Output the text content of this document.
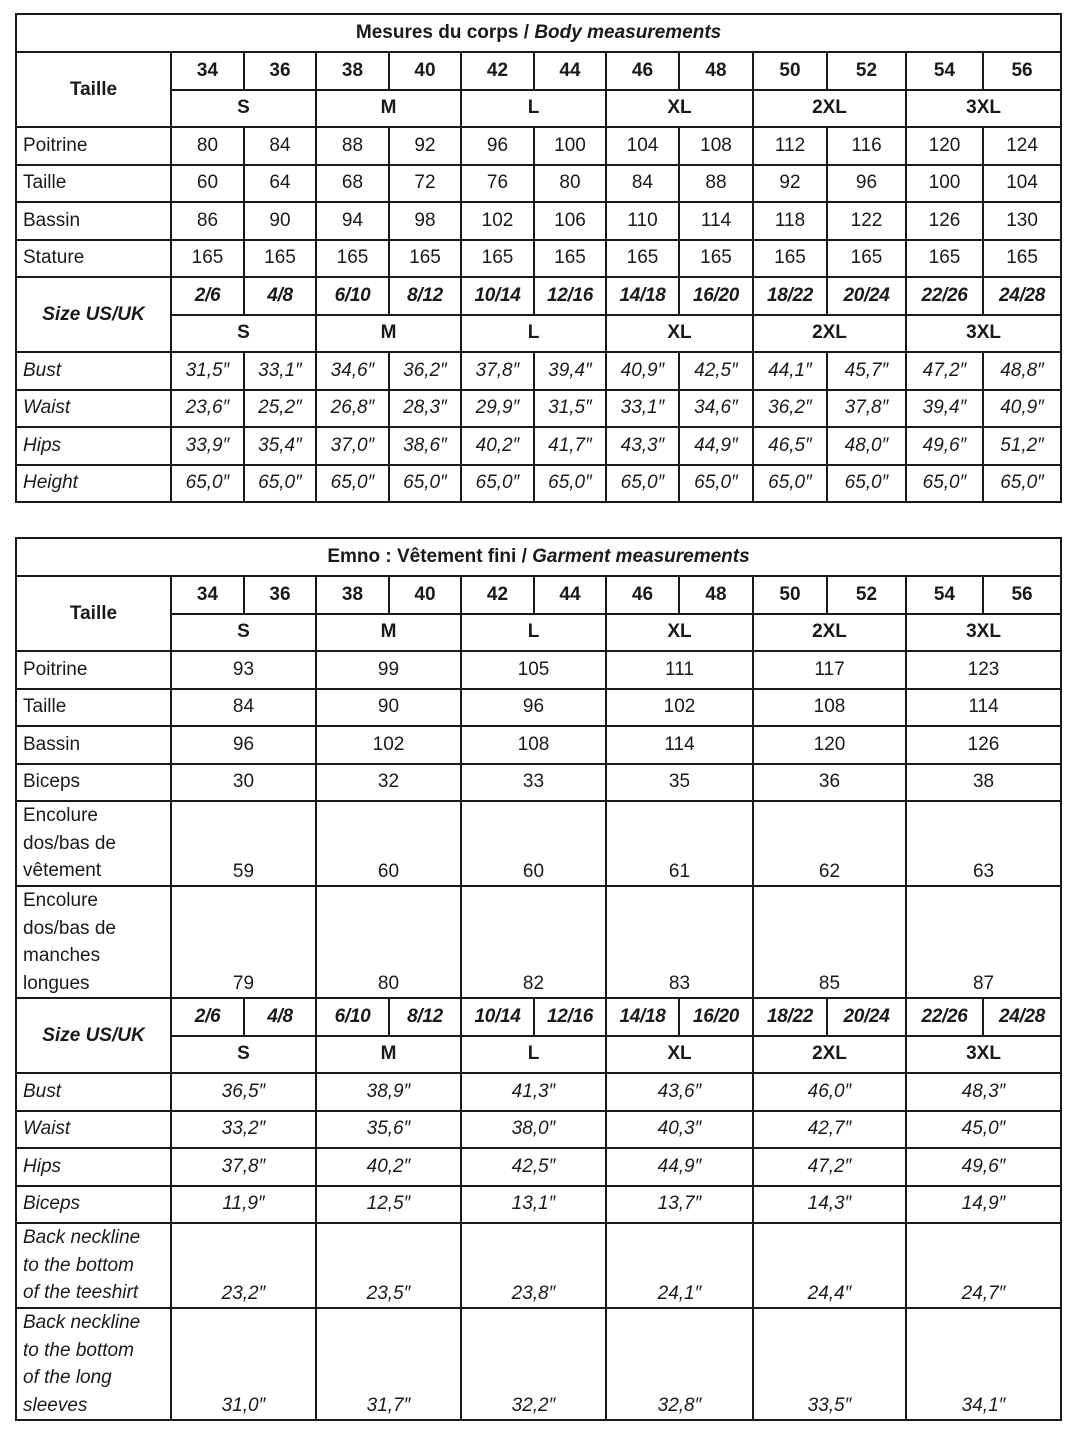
Mesures du corps / Body measurements												
Taille	34	36	38	40	42	44	46	48	50	52	54	56
	S		M		L		XL		2XL		3XL	
Poitrine	80	84	88	92	96	100	104	108	112	116	120	124
Taille	60	64	68	72	76	80	84	88	92	96	100	104
Bassin	86	90	94	98	102	106	110	114	118	122	126	130
Stature	165	165	165	165	165	165	165	165	165	165	165	165
Size US/UK	2/6	4/8	6/10	8/12	10/14	12/16	14/18	16/20	18/22	20/24	22/26	24/28
	S		M		L		XL		2XL		3XL	
Bust	31,5″	33,1″	34,6″	36,2″	37,8″	39,4″	40,9″	42,5″	44,1″	45,7″	47,2″	48,8″
Waist	23,6″	25,2″	26,8″	28,3″	29,9″	31,5″	33,1″	34,6″	36,2″	37,8″	39,4″	40,9″
Hips	33,9″	35,4″	37,0″	38,6″	40,2″	41,7″	43,3″	44,9″	46,5″	48,0″	49,6″	51,2″
Height	65,0″	65,0″	65,0″	65,0″	65,0″	65,0″	65,0″	65,0″	65,0″	65,0″	65,0″	65,0″
Emno : Vêtement fini / Garment measurements												
Taille	34	36	38	40	42	44	46	48	50	52	54	56
	S		M		L		XL		2XL		3XL	
Poitrine	93		99		105		111		117		123	
Taille	84		90		96		102		108		114	
Bassin	96		102		108		114		120		126	
Biceps	30		32		33		35		36		38	

Encolure
dos/bas de
vêtement	59		60		60		61		62		63	

Encolure
dos/bas de
manches
longues	79		80		82		83		85		87	
Size US/UK	2/6	4/8	6/10	8/12	10/14	12/16	14/18	16/20	18/22	20/24	22/26	24/28
	S		M		L		XL		2XL		3XL	
Bust	36,5″		38,9″		41,3″		43,6″		46,0″		48,3″	
Waist	33,2″		35,6″		38,0″		40,3″		42,7″		45,0″	
Hips	37,8″		40,2″		42,5″		44,9″		47,2″		49,6″	
Biceps	11,9″		12,5″		13,1″		13,7″		14,3″		14,9″	

Back neckline
to the bottom
of the teeshirt	23,2″		23,5″		23,8″		24,1″		24,4″		24,7″	

Back neckline
to the bottom
of the long
sleeves	31,0″		31,7″		32,2″		32,8″		33,5″		34,1″	
